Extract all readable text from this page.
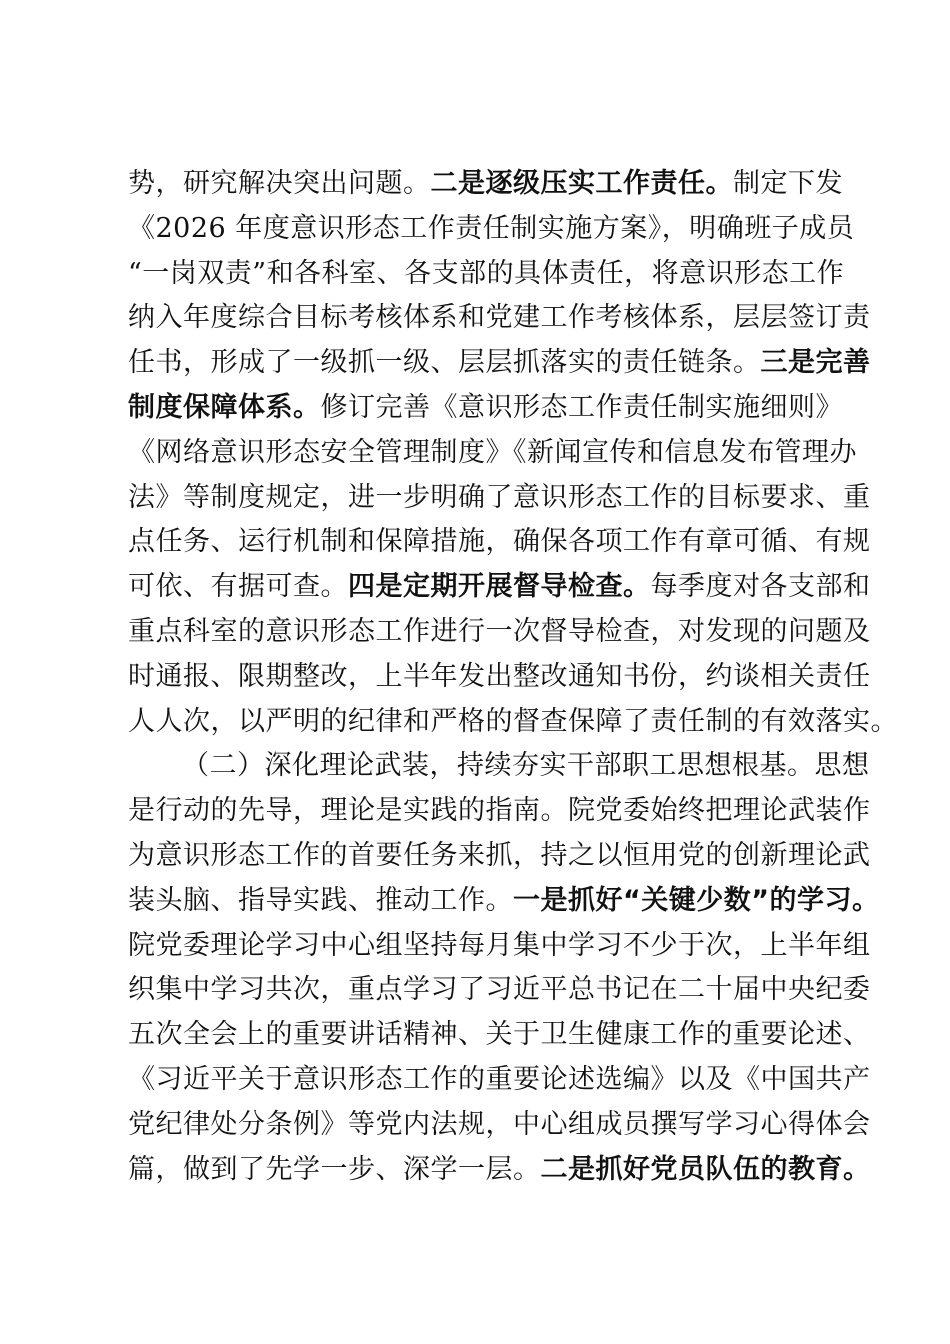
势，研究解决突出问题。二是逐级压实工作责任。制定下发
《2026 年度意识形态工作责任制实施方案》，明确班子成员
“一岗双责”和各科室、各支部的具体责任，将意识形态工作
纳入年度综合目标考核体系和党建工作考核体系，层层签订责
任书，形成了一级抓一级、层层抓落实的责任链条。三是完善
制度保障体系。修订完善《意识形态工作责任制实施细则》
《网络意识形态安全管理制度》《新闻宣传和信息发布管理办
法》等制度规定，进一步明确了意识形态工作的目标要求、重
点任务、运行机制和保障措施，确保各项工作有章可循、有规
可依、有据可查。四是定期开展督导检查。每季度对各支部和
重点科室的意识形态工作进行一次督导检查，对发现的问题及
时通报、限期整改，上半年发出整改通知书份，约谈相关责任
人人次，以严明的纪律和严格的督查保障了责任制的有效落实。
（二）深化理论武装，持续夯实干部职工思想根基。思想
是行动的先导，理论是实践的指南。院党委始终把理论武装作
为意识形态工作的首要任务来抓，持之以恒用党的创新理论武
装头脑、指导实践、推动工作。一是抓好“关键少数”的学习。
院党委理论学习中心组坚持每月集中学习不少于次，上半年组
织集中学习共次，重点学习了习近平总书记在二十届中央纪委
五次全会上的重要讲话精神、关于卫生健康工作的重要论述、
《习近平关于意识形态工作的重要论述选编》以及《中国共产
党纪律处分条例》等党内法规，中心组成员撰写学习心得体会
篇，做到了先学一步、深学一层。二是抓好党员队伍的教育。
